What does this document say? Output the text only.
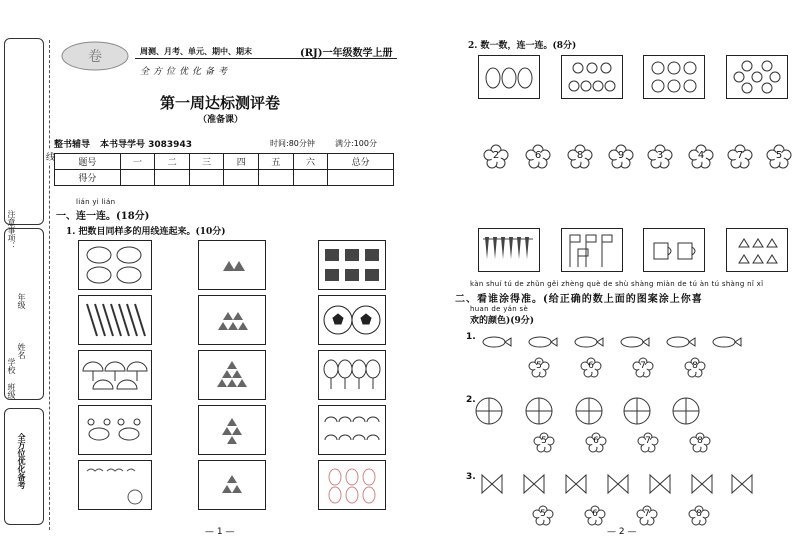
注意事项：
年级
姓名
学校
班级
全方位优化备考
线
卷	周测、月考、单元、期中、期末
全方位优化备考
(RJ)一年级数学上册
第一周达标测评卷
（准备课）
整书辅导 本书导学号 3083943	时间:80分钟	满分:100分
题号	一	二	三	四	五	六	总分
得分							
lián yi lián
一、连一连。(18分)
1. 把数目同样多的用线连起来。(10分)
— 1 —
2. 数一数，连一连。(8分)
2	6	8	9	3	4	7	5
kàn shuí tú de zhǔn gěi zhèng què de shù shàng miàn de tú àn tú shàng nǐ xǐ
二、看谁涂得准。(给正确的数上面的图案涂上你喜
huan de yán sè
欢的颜色)(9分)
1.
5	6	7	8
2.
5	6	7	8
3.
5	6	7	8
— 2 —
